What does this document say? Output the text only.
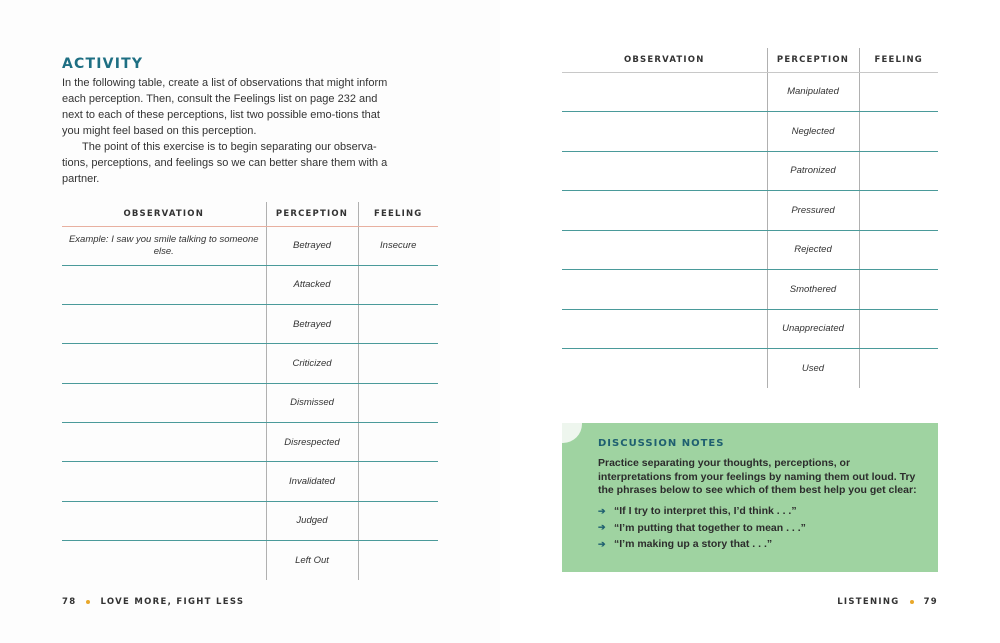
ACTIVITY

In the following table, create a list of observations that might inform each perception. Then, consult the Feelings list on page 232 and next to each of these perceptions, list two possible emo-tions that you might feel based on this perception.

The point of this exercise is to begin separating our observa-tions, perceptions, and feelings so we can better share them with a partner.

OBSERVATION	PERCEPTION	FEELING
Example: I saw you smile talking to someone else.	Betrayed	Insecure
	Attacked	
	Betrayed	
	Criticized	
	Dismissed	
	Disrespected	
	Invalidated	
	Judged	
	Left Out	
78	LOVE MORE, FIGHT LESS
OBSERVATION	PERCEPTION	FEELING
	Manipulated	
	Neglected	
	Patronized	
	Pressured	
	Rejected	
	Smothered	
	Unappreciated	
	Used	
DISCUSSION NOTES
Practice separating your thoughts, perceptions, or interpretations from your feelings by naming them out loud. Try the phrases below to see which of them best help you get clear:
➔ “If I try to interpret this, I’d think . . .”
➔ “I’m putting that together to mean . . .”
➔ “I’m making up a story that . . .”
LISTENING	79
